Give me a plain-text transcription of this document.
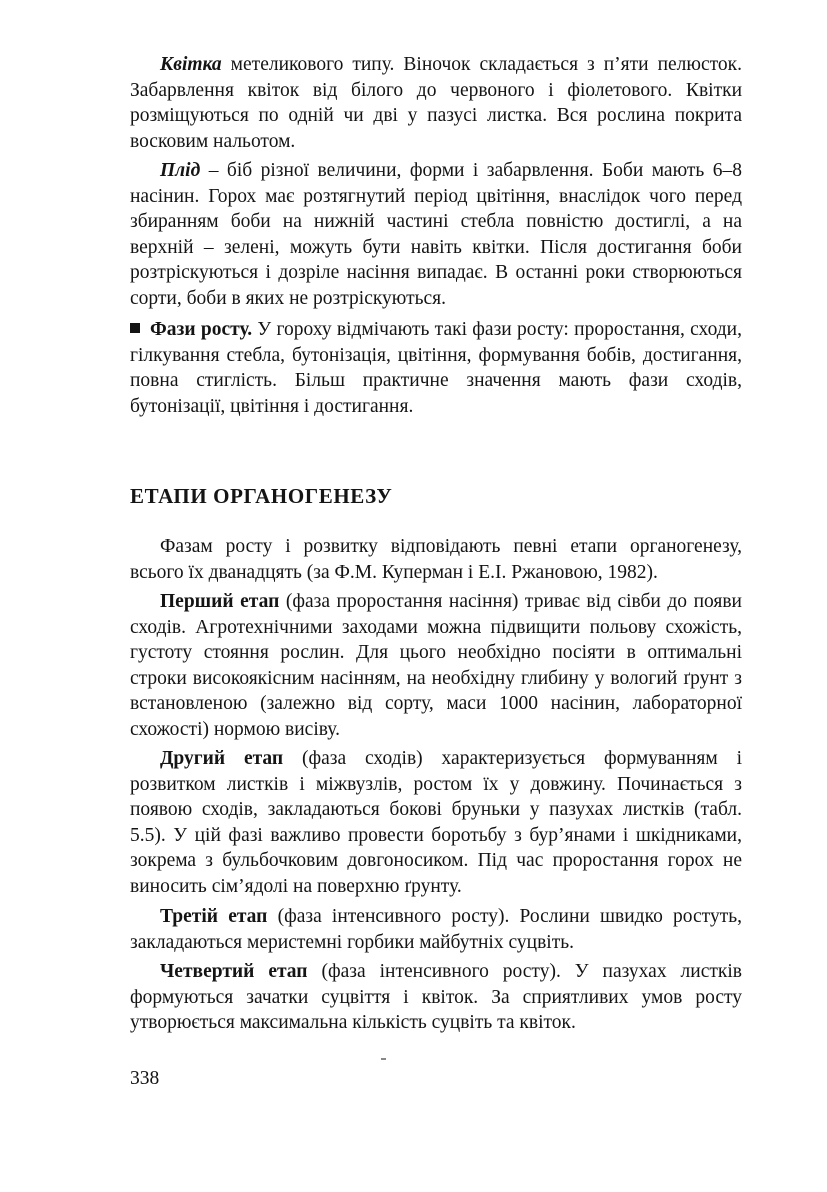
Квітка метеликового типу. Віночок складається з п’яти пелюсток. Забарвлення квіток від білого до червоного і фіолетового. Квітки розміщуються по одній чи дві у пазусі листка. Вся рослина покрита восковим нальотом.

Плід – біб різної величини, форми і забарвлення. Боби мають 6–8 насінин. Горох має розтягнутий період цвітіння, внаслідок чого перед збиранням боби на нижній частині стебла повністю достиглі, а на верхній – зелені, можуть бути навіть квітки. Після достигання боби розтріскуються і дозріле насіння випадає. В останні роки створюються сорти, боби в яких не розтріскуються.

Фази росту. У гороху відмічають такі фази росту: проростання, сходи, гілкування стебла, бутонізація, цвітіння, формування бобів, достигання, повна стиглість. Більш практичне значення мають фази сходів, бутонізації, цвітіння і достигання.

ЕТАПИ ОРГАНОГЕНЕЗУ

Фазам росту і розвитку відповідають певні етапи органогенезу, всього їх дванадцять (за Ф.М. Куперман і Е.І. Ржановою, 1982).

Перший етап (фаза проростання насіння) триває від сівби до появи сходів. Агротехнічними заходами можна підвищити польову схожість, густоту стояння рослин. Для цього необхідно посіяти в оптимальні строки високоякісним насінням, на необхідну глибину у вологий ґрунт з встановленою (залежно від сорту, маси 1000 насінин, лабораторної схожості) нормою висіву.

Другий етап (фаза сходів) характеризується формуванням і розвитком листків і міжвузлів, ростом їх у довжину. Починається з появою сходів, закладаються бокові бруньки у пазухах листків (табл. 5.5). У цій фазі важливо провести боротьбу з бур’янами і шкідниками, зокрема з бульбочковим довгоносиком. Під час проростання горох не виносить сім’ядолі на поверхню ґрунту.

Третій етап (фаза інтенсивного росту). Рослини швидко ростуть, закладаються меристемні горбики майбутніх суцвіть.

Четвертий етап (фаза інтенсивного росту). У пазухах листків формуються зачатки суцвіття і квіток. За сприятливих умов росту утворюється максимальна кількість суцвіть та квіток.

338
